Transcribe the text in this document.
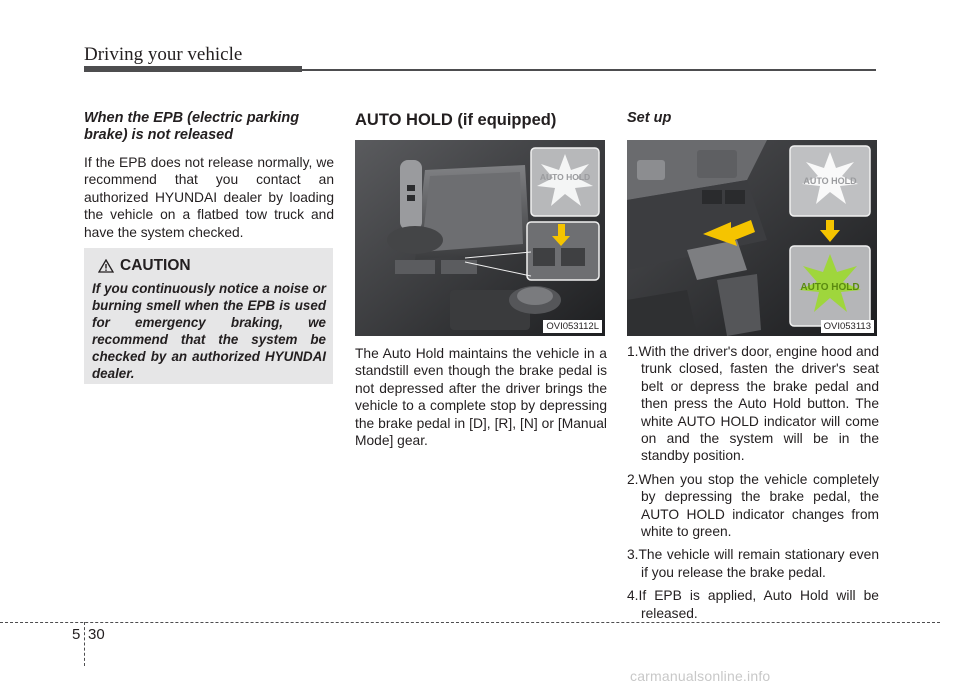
Driving your vehicle

When the EPB (electric parking brake) is not released

If the EPB does not release normally, we recommend that you contact an authorized HYUNDAI dealer by loading the vehicle on a flatbed tow truck and have the system checked.

CAUTION
If you continuously notice a noise or burning smell when the EPB is used for emergency braking, we recommend that the system be checked by an authorized HYUNDAI dealer.

AUTO HOLD (if equipped)

AUTO HOLD
OVI053112L

The Auto Hold maintains the vehicle in a standstill even though the brake pedal is not depressed after the driver brings the vehicle to a complete stop by depressing the brake pedal in [D], [R], [N] or [Manual Mode] gear.

Set up

AUTO HOLD
AUTO HOLD
OVI053113

1.With the driver's door, engine hood and trunk closed, fasten the driver's seat belt or depress the brake pedal and then press the Auto Hold button. The white AUTO HOLD indicator will come on and the system will be in the standby position.

2.When you stop the vehicle completely by depressing the brake pedal, the AUTO HOLD indicator changes from white to green.

3.The vehicle will remain stationary even if you release the brake pedal.

4.If EPB is applied, Auto Hold will be released.

5 30
carmanualsonline.info
